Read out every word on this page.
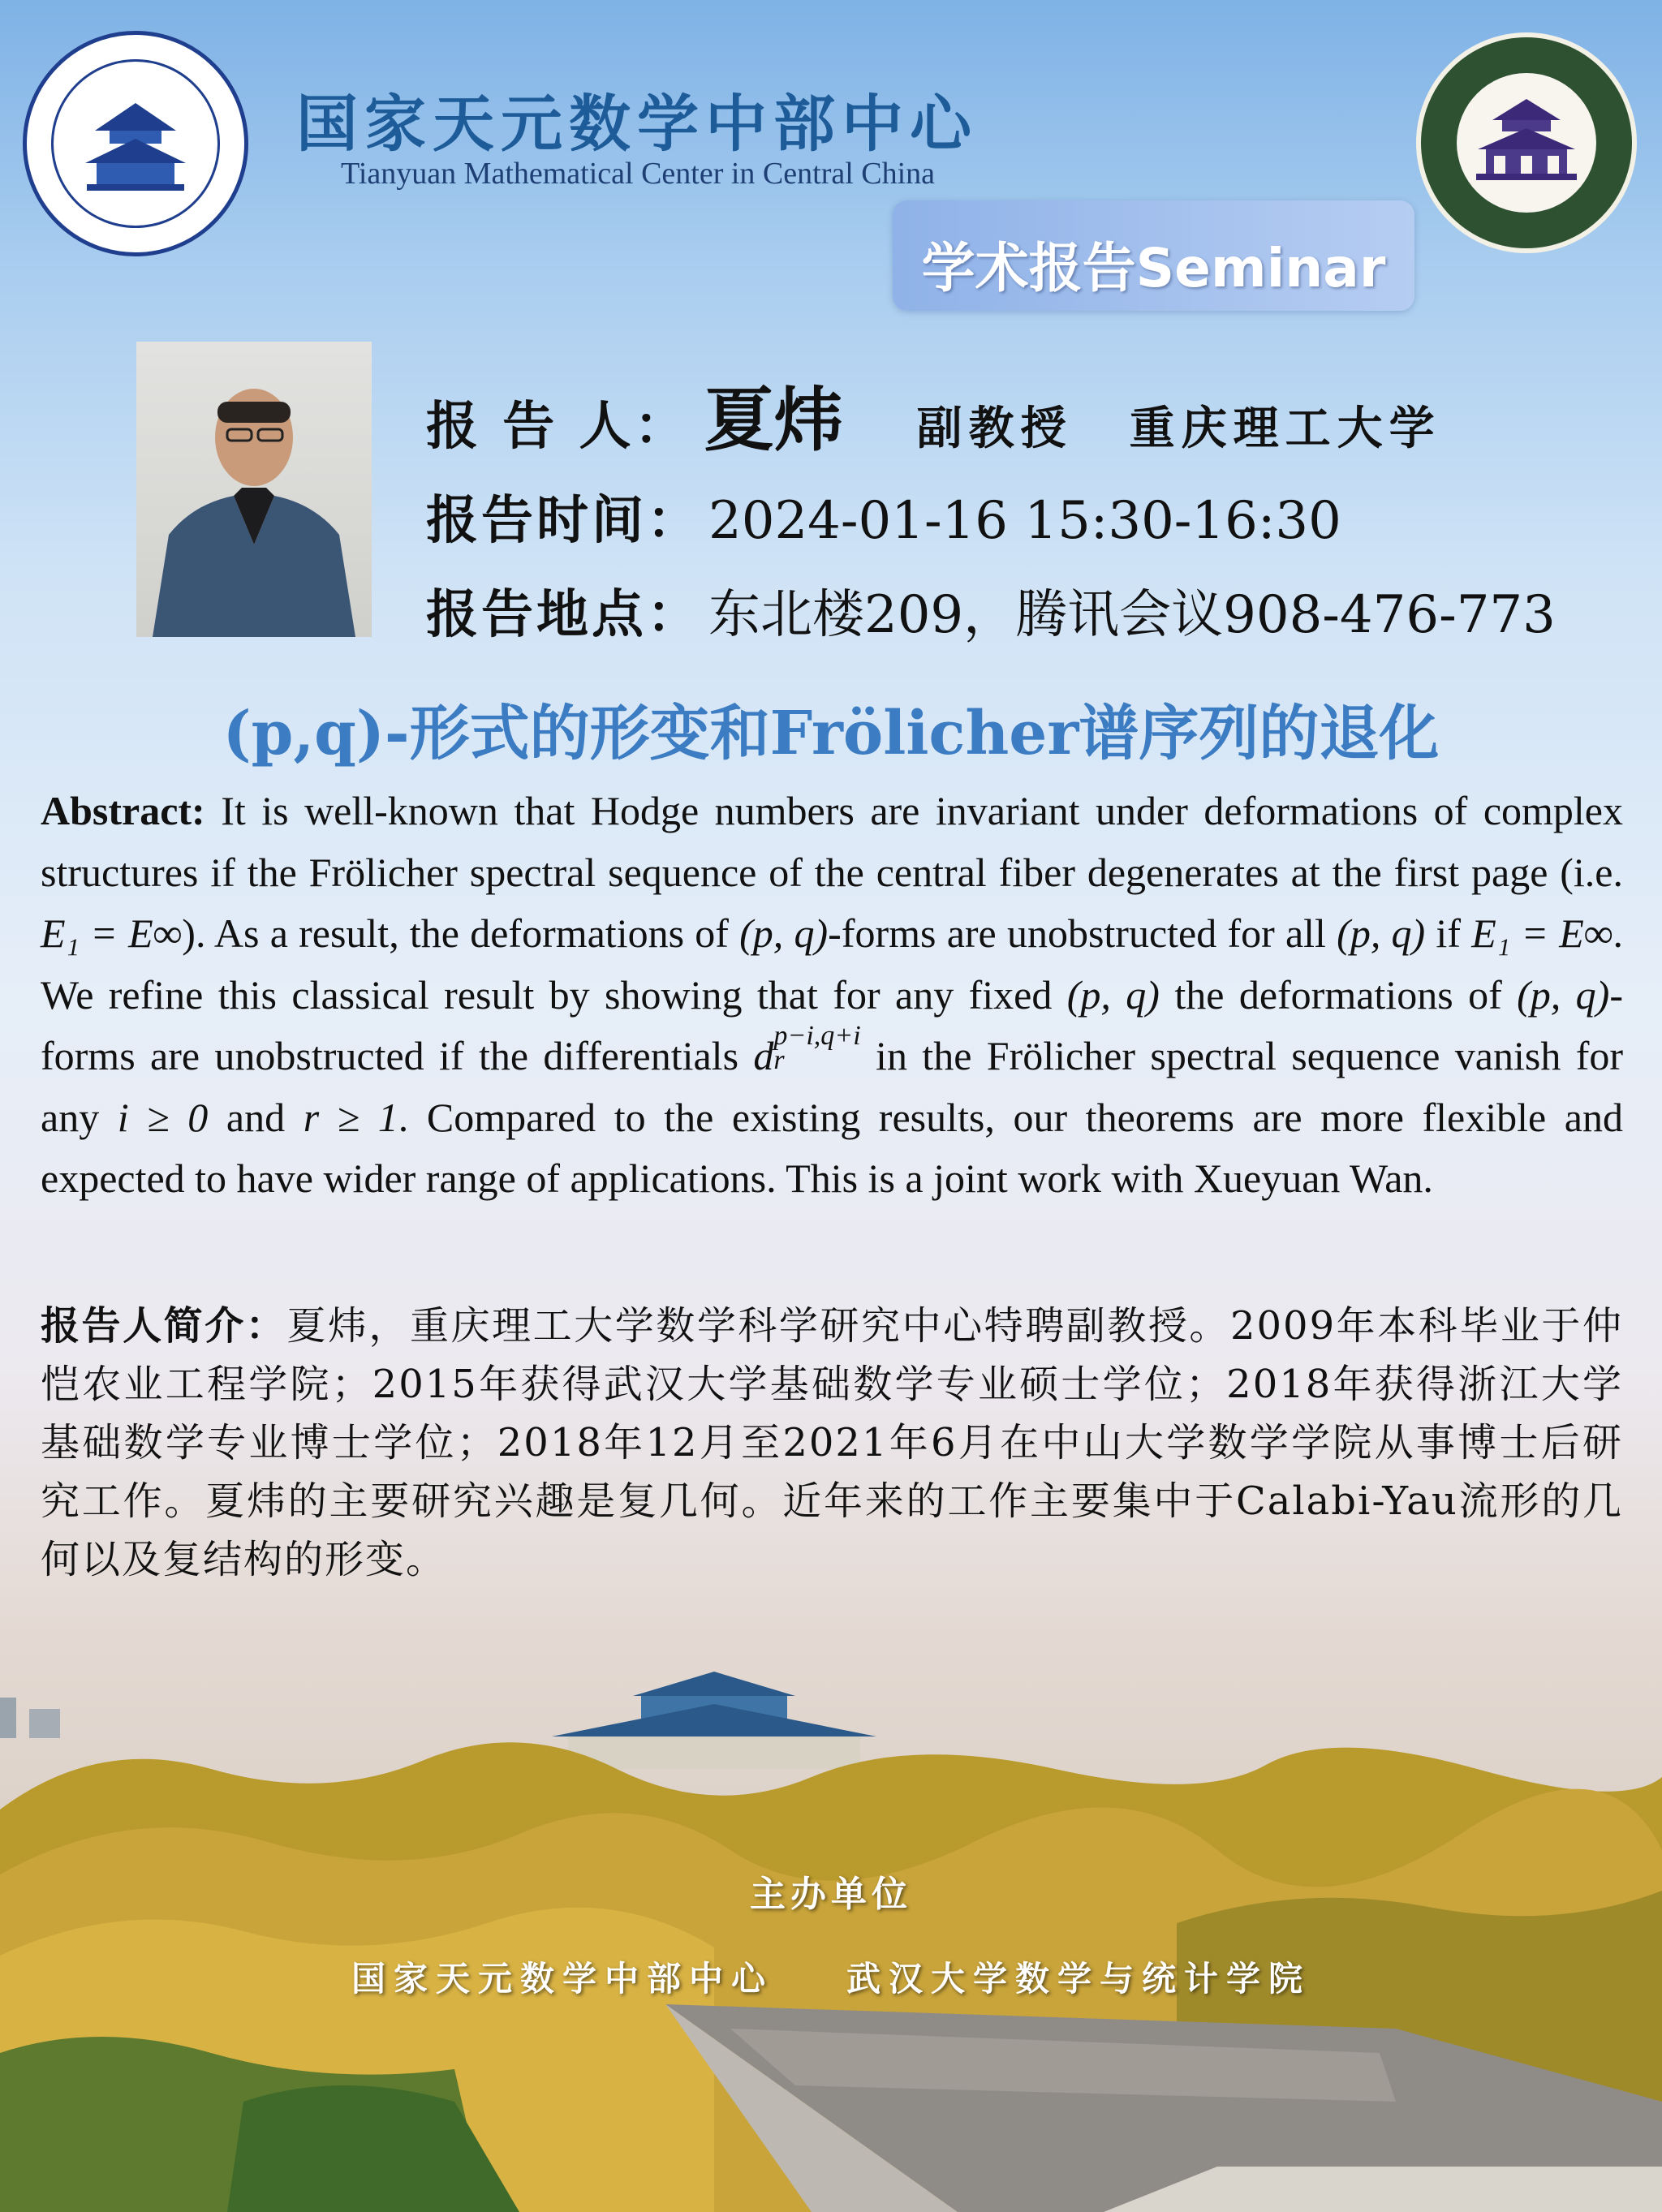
国家天元数学中部中心
Tianyuan Mathematical Center in Central China
学术报告Seminar
报 告 人： 夏炜 副教授 重庆理工大学
报告时间： 2024-01-16 15:30-16:30
报告地点： 东北楼209，腾讯会议908-476-773
(p,q)-形式的形变和Frölicher谱序列的退化
Abstract: It is well-known that Hodge numbers are invariant under deformations of complex structures if the Frölicher spectral sequence of the central fiber degenerates at the first page (i.e. E₁ = E∞). As a result, the deformations of (p, q)-forms are unobstructed for all (p, q) if E₁ = E∞. We refine this classical result by showing that for any fixed (p, q) the deformations of (p, q)-forms are unobstructed if the differentials d p−i,q+i
r	in the Frölicher spectral sequence vanish for any i ≥ 0 and r ≥ 1. Compared to the existing results, our theorems are more flexible and expected to have wider range of applications. This is a joint work with Xueyuan Wan.
报告人简介：夏炜，重庆理工大学数学科学研究中心特聘副教授。2009年本科毕业于仲恺农业工程学院；2015年获得武汉大学基础数学专业硕士学位；2018年获得浙江大学基础数学专业博士学位；2018年12月至2021年6月在中山大学数学学院从事博士后研究工作。夏炜的主要研究兴趣是复几何。近年来的工作主要集中于Calabi-Yau流形的几何以及复结构的形变。
主办单位
国家天元数学中部中心 武汉大学数学与统计学院
